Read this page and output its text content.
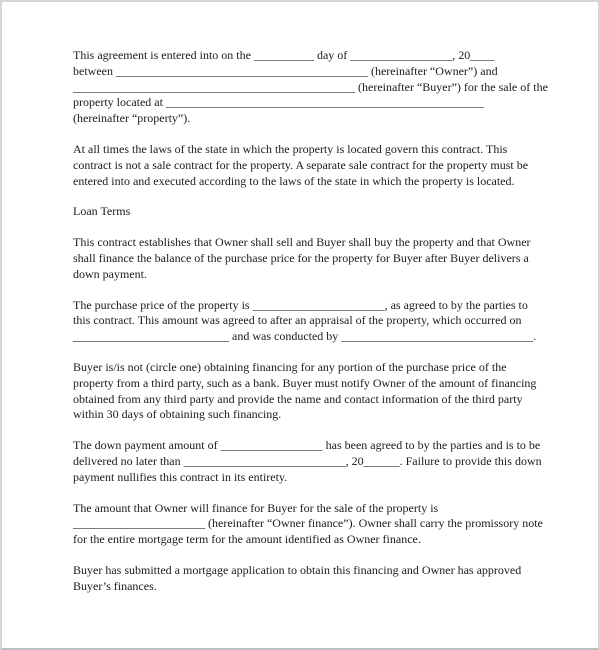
This agreement is entered into on the __________ day of _________________, 20____
between __________________________________________ (hereinafter “Owner”) and
_______________________________________________ (hereinafter “Buyer”) for the sale of the
property located at _____________________________________________________
(hereinafter “property”).

At all times the laws of the state in which the property is located govern this contract. This
contract is not a sale contract for the property. A separate sale contract for the property must be
entered into and executed according to the laws of the state in which the property is located.

Loan Terms

This contract establishes that Owner shall sell and Buyer shall buy the property and that Owner
shall finance the balance of the purchase price for the property for Buyer after Buyer delivers a
down payment.

The purchase price of the property is ______________________, as agreed to by the parties to
this contract. This amount was agreed to after an appraisal of the property, which occurred on
__________________________ and was conducted by ________________________________.

Buyer is/is not (circle one) obtaining financing for any portion of the purchase price of the
property from a third party, such as a bank. Buyer must notify Owner of the amount of financing
obtained from any third party and provide the name and contact information of the third party
within 30 days of obtaining such financing.

The down payment amount of _________________ has been agreed to by the parties and is to be
delivered no later than ___________________________, 20______. Failure to provide this down
payment nullifies this contract in its entirety.

The amount that Owner will finance for Buyer for the sale of the property is
______________________ (hereinafter “Owner finance”). Owner shall carry the promissory note
for the entire mortgage term for the amount identified as Owner finance.

Buyer has submitted a mortgage application to obtain this financing and Owner has approved
Buyer’s finances.
